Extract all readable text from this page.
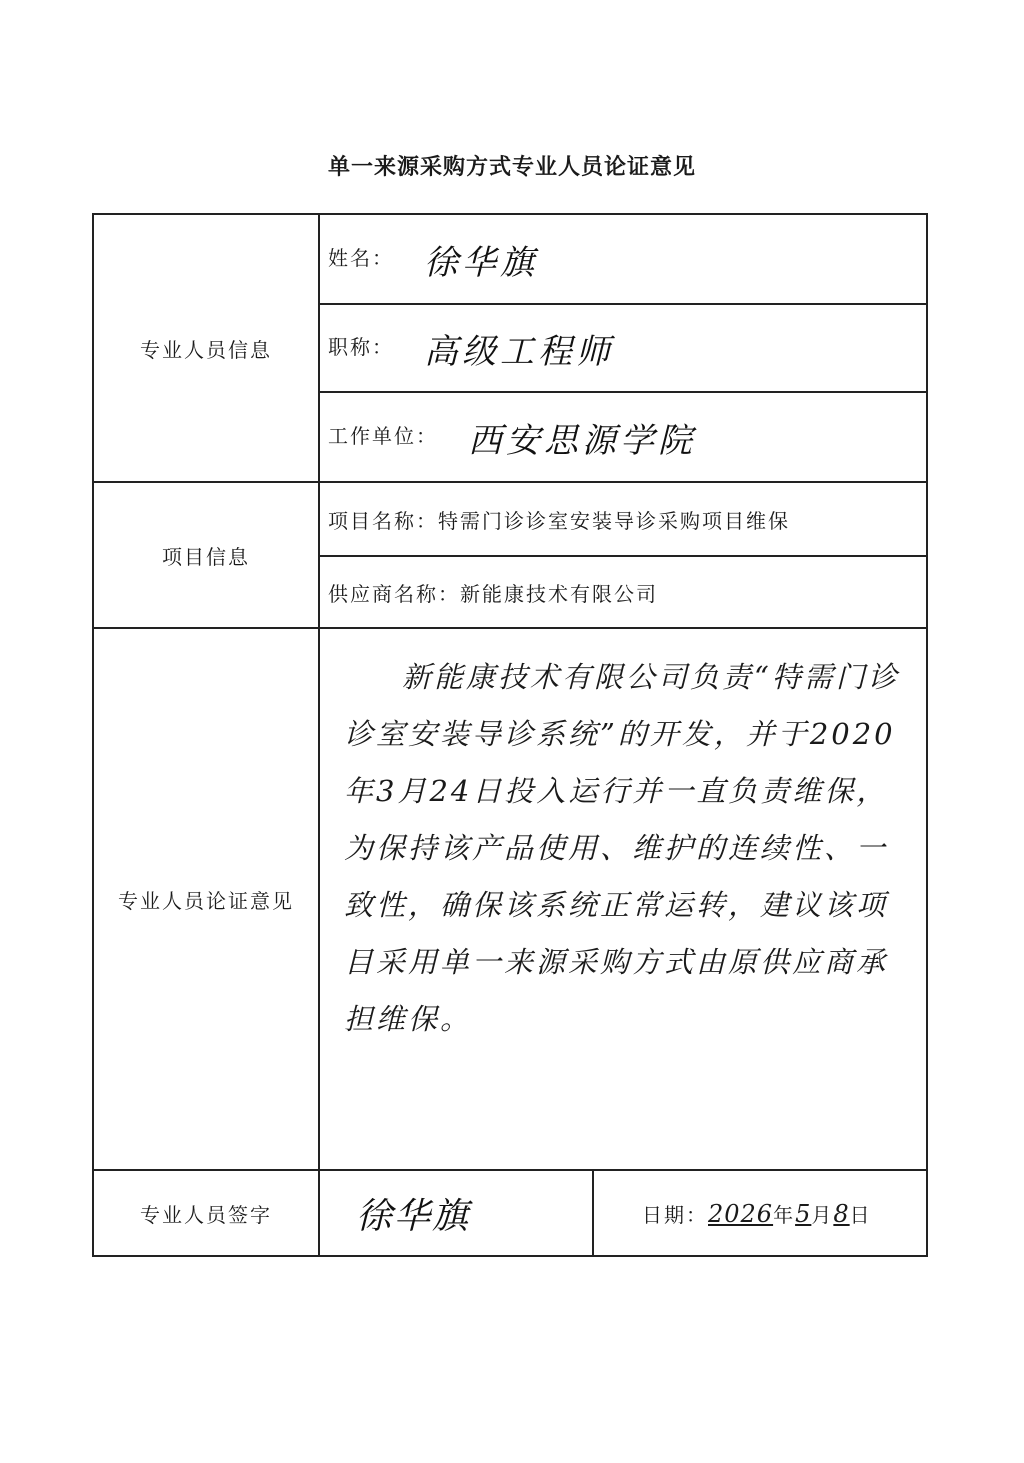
单一来源采购方式专业人员论证意见
专业人员信息	姓名： 徐华旗	
	职称： 高级工程师	
	工作单位： 西安思源学院	
项目信息	项目名称：特需门诊诊室安装导诊采购项目维保	
	供应商名称：新能康技术有限公司	
专业人员论证意见	新能康技术有限公司负责“特需门诊诊室安装导诊系统”的开发，并于2020年3月24日投入运行并一直负责维保，为保持该产品使用、维护的连续性、一致性，确保该系统正常运转，建议该项目采用单一来源采购方式由原供应商承担维保。	

专业人员签字	徐华旗	日期：2026年5月8日
